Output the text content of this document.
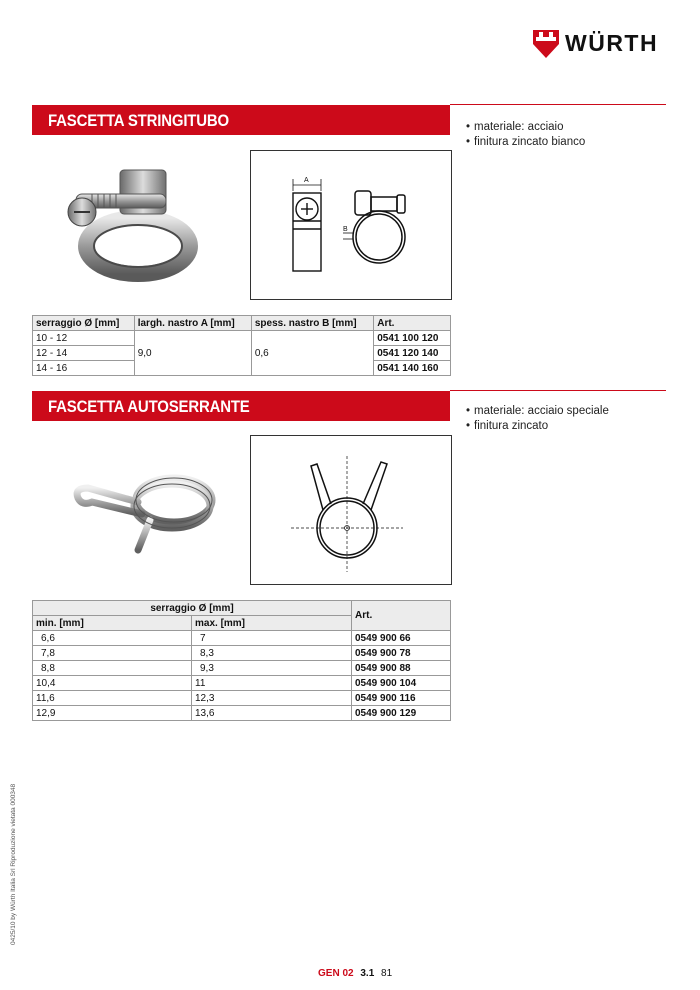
WÜRTH
FASCETTA STRINGITUBO	• materiale: acciaio
• finitura zincato bianco
A
B
serraggio Ø [mm]	largh. nastro A [mm]	spess. nastro B [mm]	Art.
10 - 12	9,0	0,6	0541 100 120
12 - 14			0541 120 140
14 - 16			0541 140 160
FASCETTA AUTOSERRANTE	• materiale: acciaio speciale
• finitura zincato
serraggio Ø [mm]		Art.
min. [mm]	max. [mm]	
6,6	7	0549 900 66
7,8	8,3	0549 900 78
8,8	9,3	0549 900 88
10,4	11	0549 900 104
11,6	12,3	0549 900 116
12,9	13,6	0549 900 129
0425/10 by Würth Italia Srl Riproduzione vietata 000348
GEN 02 3.1 81
